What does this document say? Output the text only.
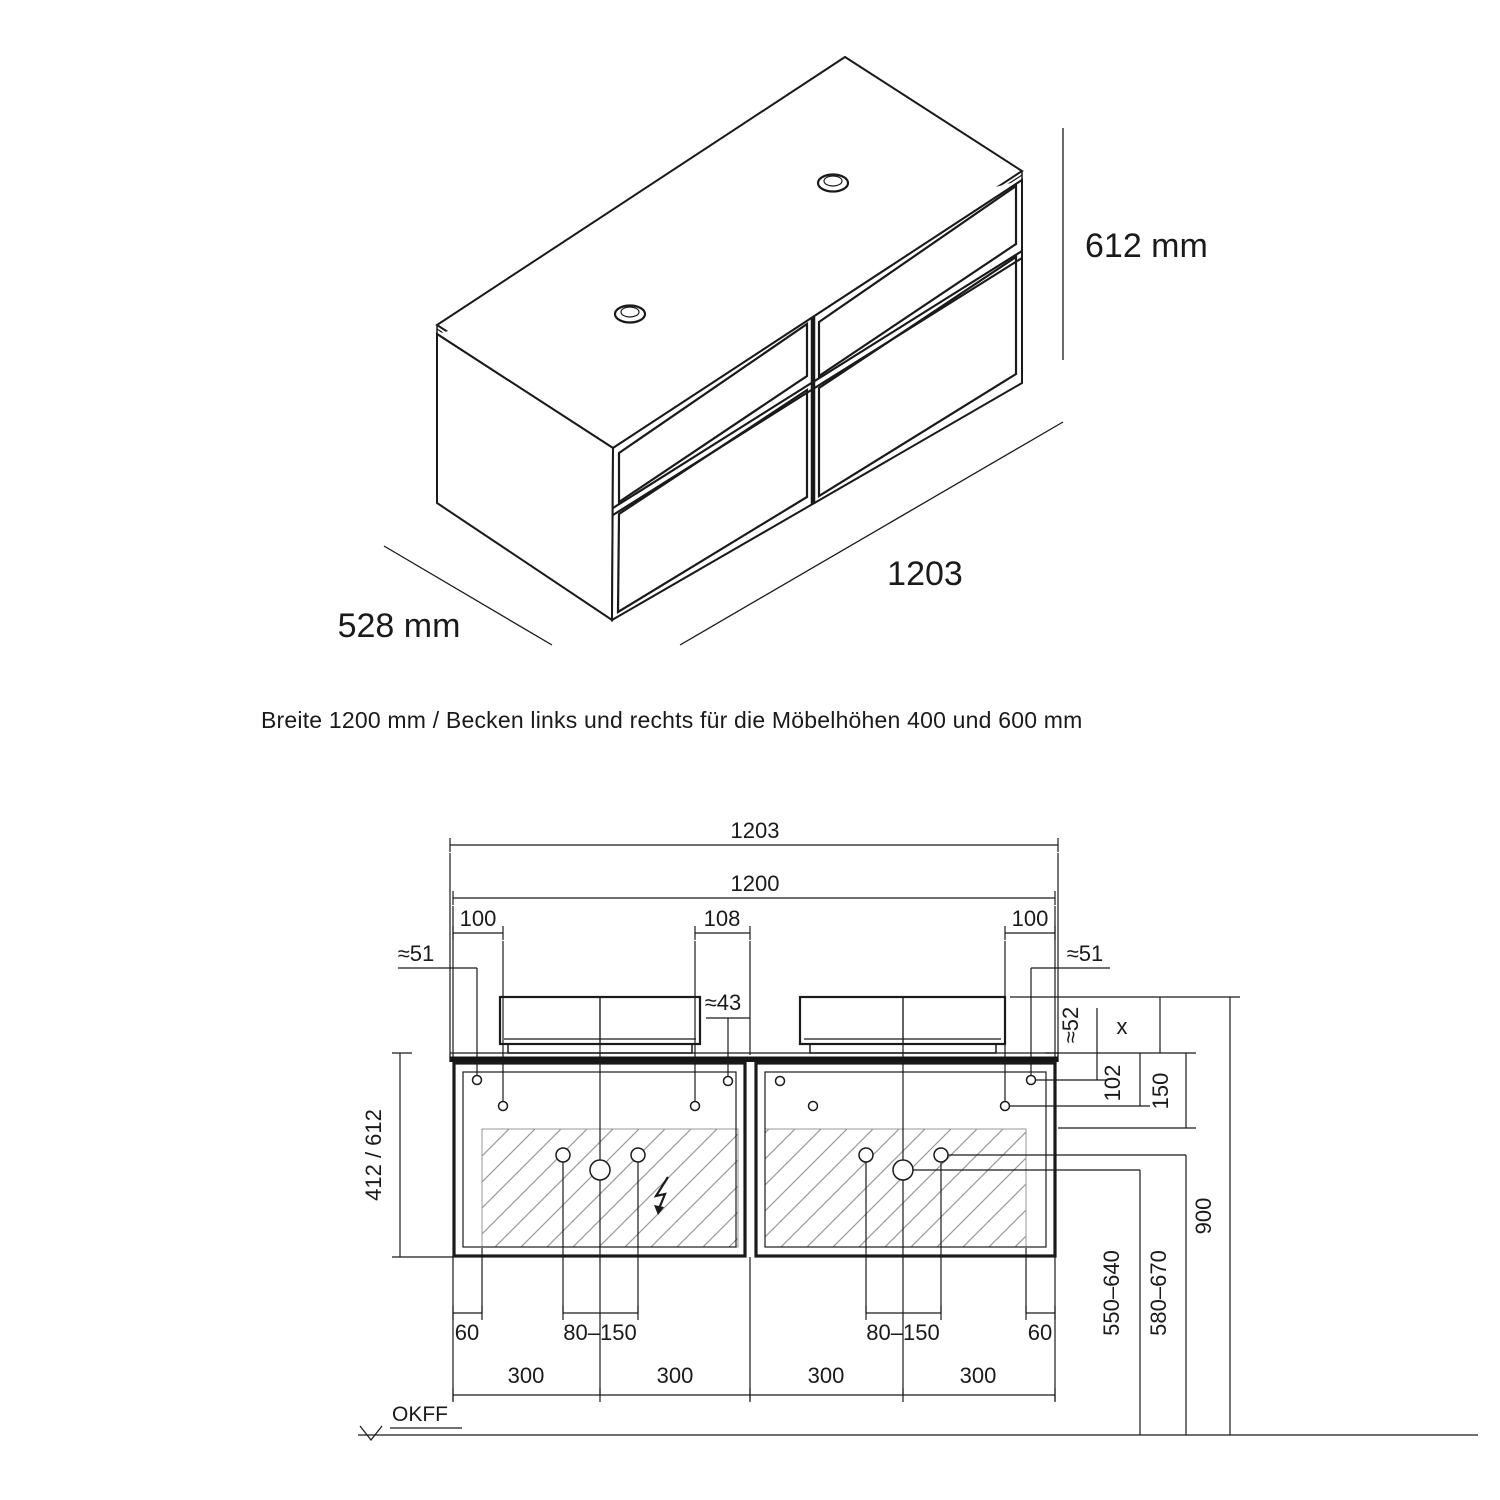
612 mm
1203
528 mm
1203
1200
100	108	100
≈51	≈51
≈43
≈52 x
102 150
412 / 612
900
550–640 580–670
60	80–150	80–150	60
300	300	300	300
OKFF
Breite 1200 mm / Becken links und rechts für die Möbelhöhen 400 und 600 mm
